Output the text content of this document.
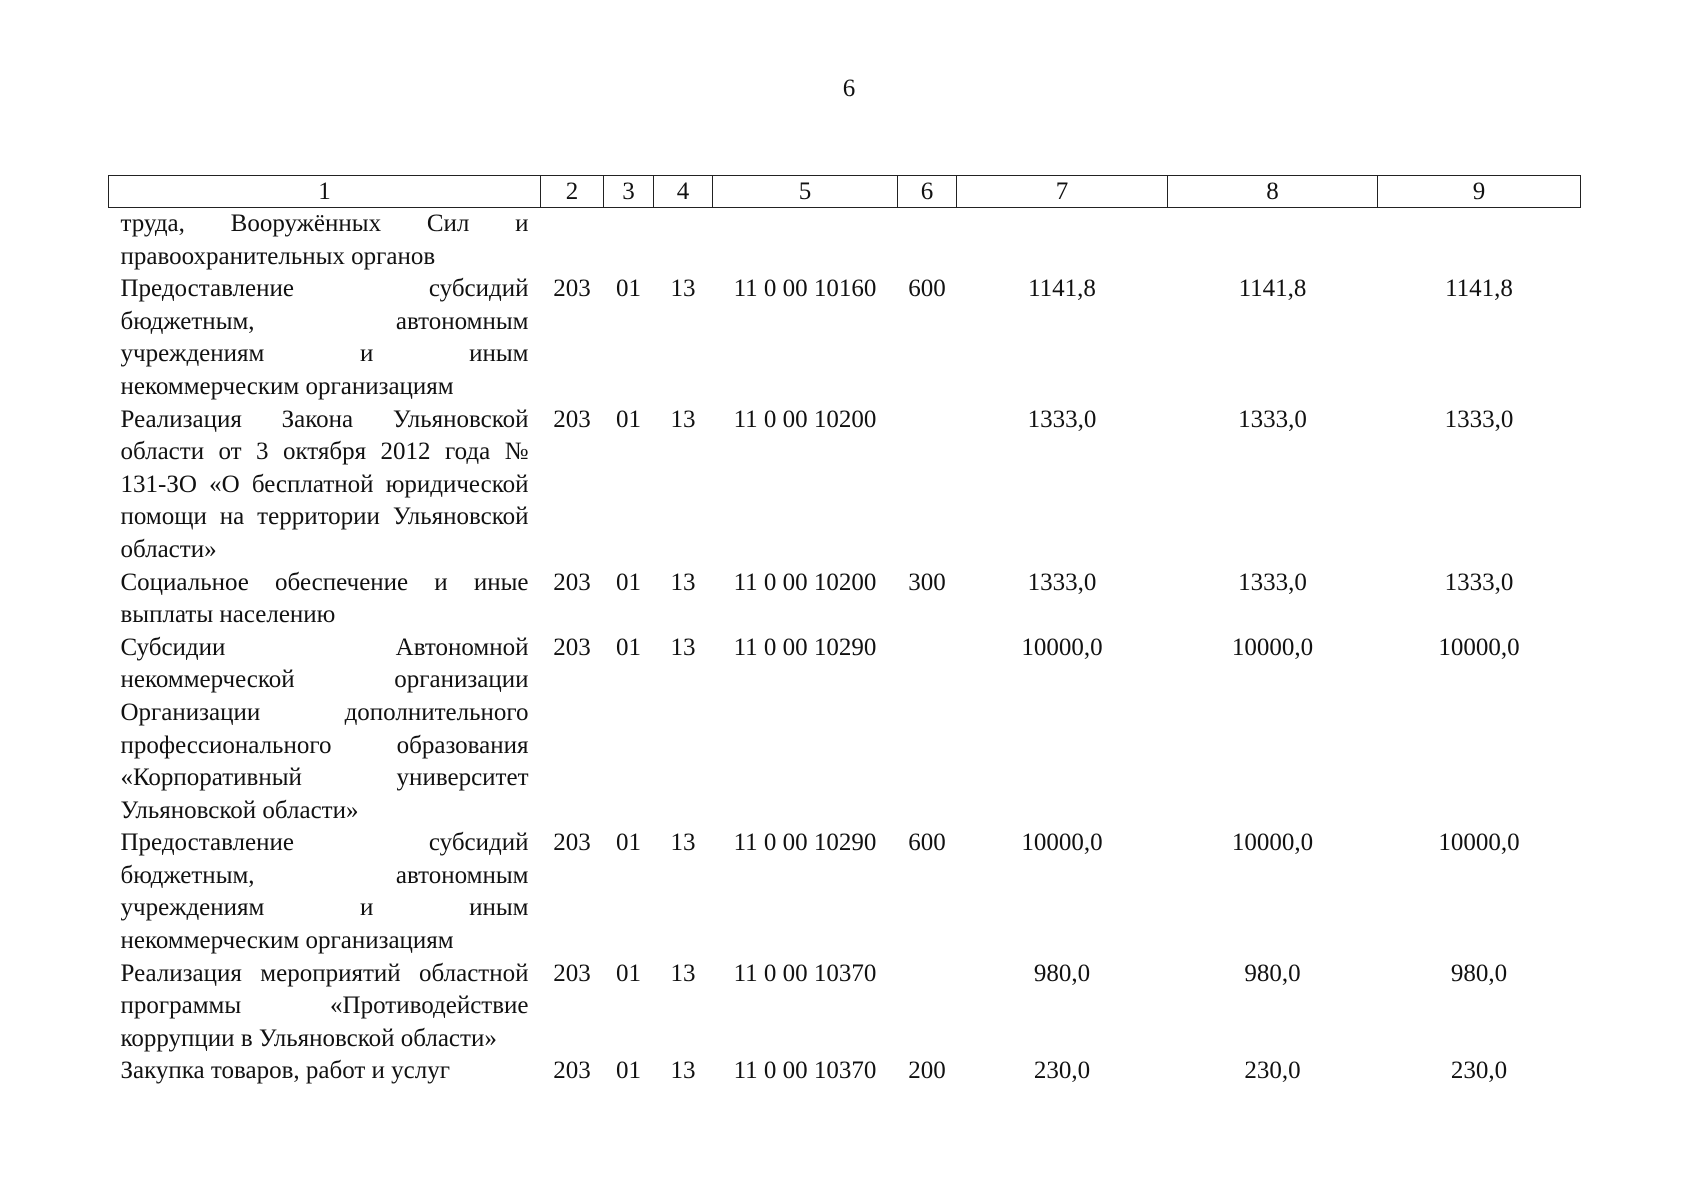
6
1	2	3	4	5	6	7	8	9
труда, Вооружённых Сил и правоохранительных органов								
Предоставление субсидий бюджетным, автономным учреждениям и иным некоммерческим организациям	203	01	13	11 0 00 10160	600	1141,8	1141,8	1141,8
Реализация Закона Ульяновской области от 3 октября 2012 года № 131-ЗО «О бесплатной юридической помощи на территории Ульяновской области»	203	01	13	11 0 00 10200		1333,0	1333,0	1333,0
Социальное обеспечение и иные выплаты населению	203	01	13	11 0 00 10200	300	1333,0	1333,0	1333,0
Субсидии Автономной некоммерческой организации Организации дополнительного профессионального образования «Корпоративный университет Ульяновской области»	203	01	13	11 0 00 10290		10000,0	10000,0	10000,0
Предоставление субсидий бюджетным, автономным учреждениям и иным некоммерческим организациям	203	01	13	11 0 00 10290	600	10000,0	10000,0	10000,0
Реализация мероприятий областной программы «Противодействие коррупции в Ульяновской области»	203	01	13	11 0 00 10370		980,0	980,0	980,0
Закупка товаров, работ и услуг	203	01	13	11 0 00 10370	200	230,0	230,0	230,0
